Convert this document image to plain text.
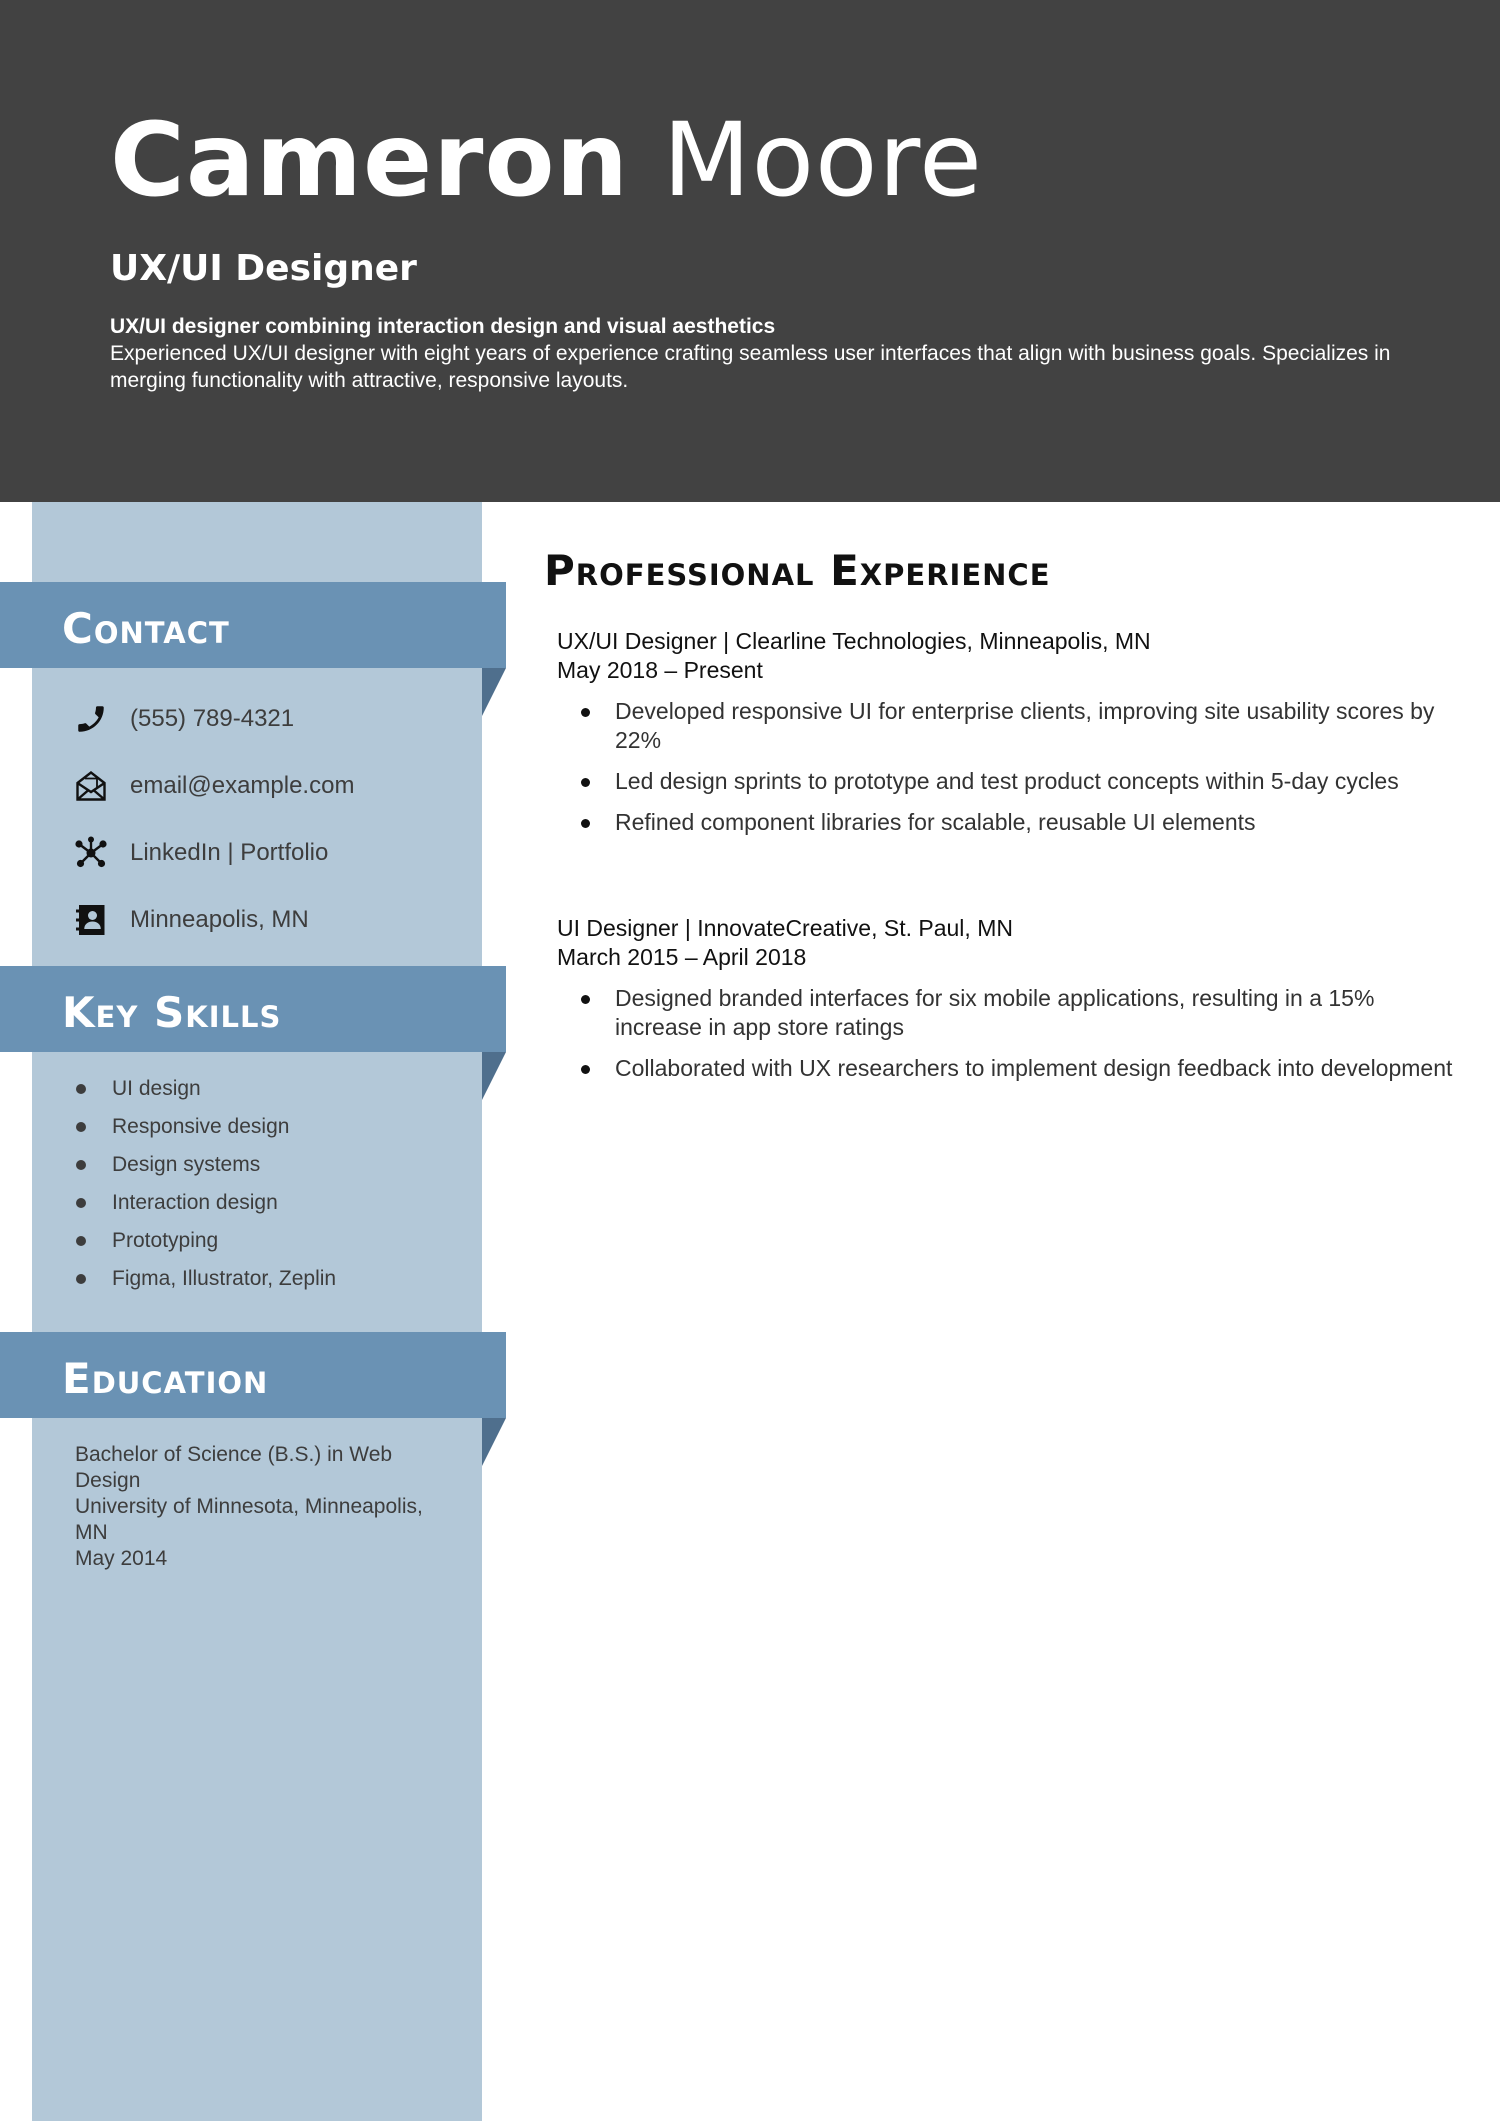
Cameron Moore
UX/UI Designer
UX/UI designer combining interaction design and visual aesthetics
Experienced UX/UI designer with eight years of experience crafting seamless user interfaces that align with business goals. Specializes in merging functionality with attractive, responsive layouts.
Contact
(555) 789-4321
email@example.com
LinkedIn | Portfolio
Minneapolis, MN
Key Skills
UI design
Responsive design
Design systems
Interaction design
Prototyping
Figma, Illustrator, Zeplin
Education
Bachelor of Science (B.S.) in Web Design
University of Minnesota, Minneapolis, MN
May 2014
Professional Experience
UX/UI Designer | Clearline Technologies, Minneapolis, MN
May 2018 – Present
Developed responsive UI for enterprise clients, improving site usability scores by 22%
Led design sprints to prototype and test product concepts within 5-day cycles
Refined component libraries for scalable, reusable UI elements
UI Designer | InnovateCreative, St. Paul, MN
March 2015 – April 2018
Designed branded interfaces for six mobile applications, resulting in a 15% increase in app store ratings
Collaborated with UX researchers to implement design feedback into development
